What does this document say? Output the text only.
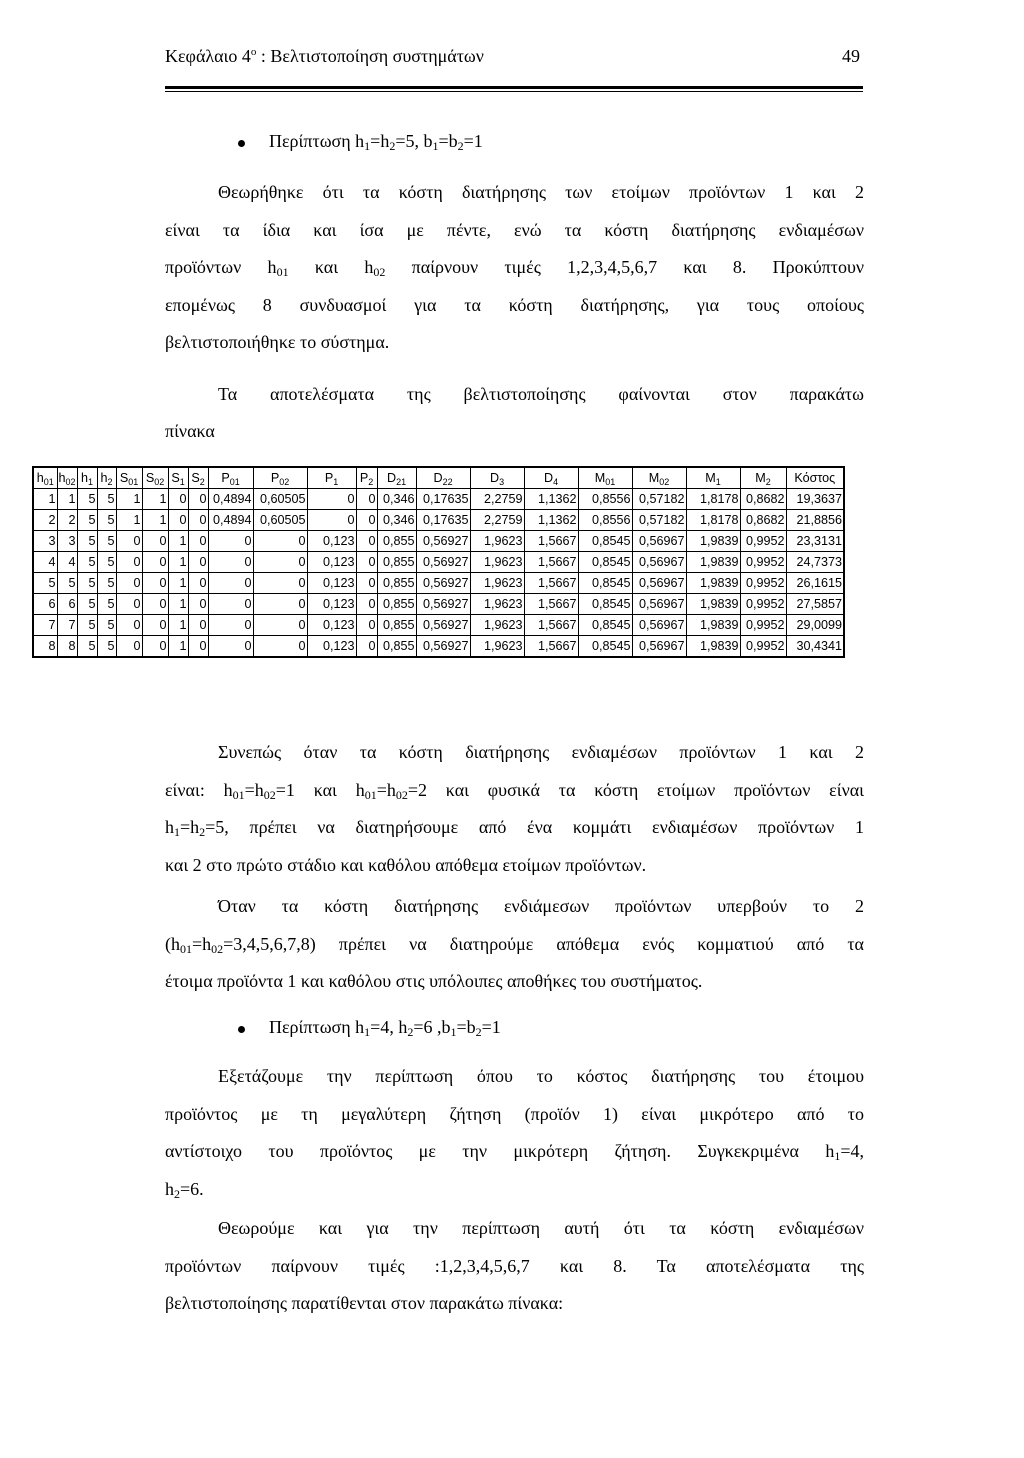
Κεφάλαιο $4^o$ : Βελτιστοποίηση συστημάτων	49
Περίπτωση $h_1=h_2=5$, $b_1=b_2=1$
Θεωρήθηκε ότι τα κόστη διατήρησης των ετοίμων προϊόντων 1 και 2
είναι τα ίδια και ίσα με πέντε, ενώ τα κόστη διατήρησης ενδιαμέσων
προϊόντων $h_{01}$ και $h_{02}$ παίρνουν τιμές 1,2,3,4,5,6,7 και 8. Προκύπτουν
επομένως 8 συνδυασμοί για τα κόστη διατήρησης, για τους οποίους
βελτιστοποιήθηκε το σύστημα.
Τα αποτελέσματα της βελτιστοποίησης φαίνονται στον παρακάτω
πίνακα
$h_{01}$	$h_{02}$	$h_1$	$h_2$	$S_{01}$	$S_{02}$	$S_1$	$S_2$	$P_{01}$	$P_{02}$	$P_1$	$P_2$	$D_{21}$	$D_{22}$	$D_3$	$D_4$	$M_{01}$	$M_{02}$	$M_1$	$M_2$	Κόστος
1	1	5	5	1	1	0	0	0,4894	0,60505	0	0	0,346	0,17635	2,2759	1,1362	0,8556	0,57182	1,8178	0,8682	19,3637
2	2	5	5	1	1	0	0	0,4894	0,60505	0	0	0,346	0,17635	2,2759	1,1362	0,8556	0,57182	1,8178	0,8682	21,8856
3	3	5	5	0	0	1	0	0	0	0,123	0	0,855	0,56927	1,9623	1,5667	0,8545	0,56967	1,9839	0,9952	23,3131
4	4	5	5	0	0	1	0	0	0	0,123	0	0,855	0,56927	1,9623	1,5667	0,8545	0,56967	1,9839	0,9952	24,7373
5	5	5	5	0	0	1	0	0	0	0,123	0	0,855	0,56927	1,9623	1,5667	0,8545	0,56967	1,9839	0,9952	26,1615
6	6	5	5	0	0	1	0	0	0	0,123	0	0,855	0,56927	1,9623	1,5667	0,8545	0,56967	1,9839	0,9952	27,5857
7	7	5	5	0	0	1	0	0	0	0,123	0	0,855	0,56927	1,9623	1,5667	0,8545	0,56967	1,9839	0,9952	29,0099
8	8	5	5	0	0	1	0	0	0	0,123	0	0,855	0,56927	1,9623	1,5667	0,8545	0,56967	1,9839	0,9952	30,4341
Συνεπώς όταν τα κόστη διατήρησης ενδιαμέσων προϊόντων 1 και 2
είναι: $h_{01}=h_{02}=1$ και $h_{01}=h_{02}=2$ και φυσικά τα κόστη ετοίμων προϊόντων είναι
$h_1=h_2=5$, πρέπει να διατηρήσουμε από ένα κομμάτι ενδιαμέσων προϊόντων 1
και 2 στο πρώτο στάδιο και καθόλου απόθεμα ετοίμων προϊόντων.
Όταν τα κόστη διατήρησης ενδιάμεσων προϊόντων υπερβούν το 2
$(h_{01}=h_{02}=3,4,5,6,7,8)$ πρέπει να διατηρούμε απόθεμα ενός κομματιού από τα
έτοιμα προϊόντα 1 και καθόλου στις υπόλοιπες αποθήκες του συστήματος.
Περίπτωση $h_1=4$, $h_2=6$ $,b_1=b_2=1$
Εξετάζουμε την περίπτωση όπου το κόστος διατήρησης του έτοιμου
προϊόντος με τη μεγαλύτερη ζήτηση (προϊόν 1) είναι μικρότερο από το
αντίστοιχο του προϊόντος με την μικρότερη ζήτηση. Συγκεκριμένα $h_1=4$,
$h_2=6$.
Θεωρούμε και για την περίπτωση αυτή ότι τα κόστη ενδιαμέσων
προϊόντων παίρνουν τιμές :1,2,3,4,5,6,7 και 8. Τα αποτελέσματα της
βελτιστοποίησης παρατίθενται στον παρακάτω πίνακα:
